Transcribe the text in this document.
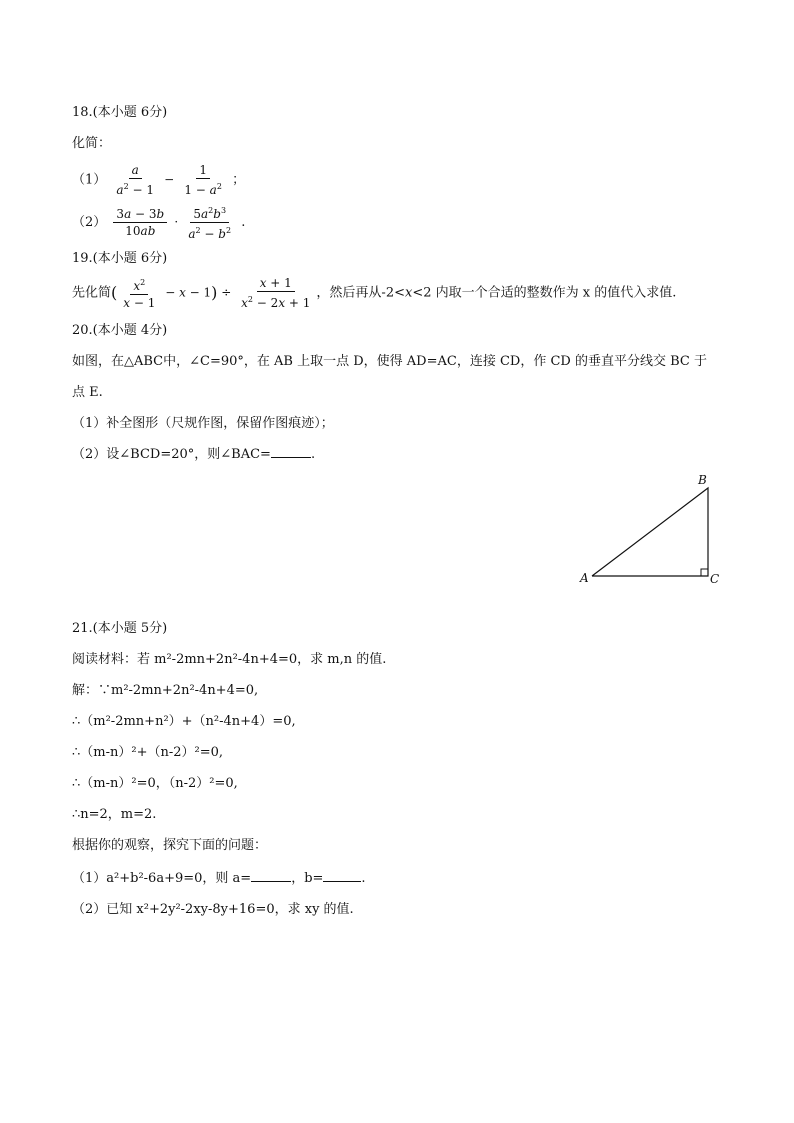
18.(本小题 6分)
化简：
$(1) \frac{a}{a^2 - 1} - \frac{1}{1 - a^2}$ ；
$(2) \frac{3a - 3b}{10ab} \cdot \frac{5a^2b^3}{a^2 - b^2}$ .
19.(本小题 6分)
先化简( $\frac{x^2}{x - 1} - x - 1) \div \frac{x + 1}{x^2 - 2x + 1}$ ，然后再从-2<x<2 内取一个合适的整数作为 x 的值代入求值.
20.(本小题 4分)
如图，在△ABC中，∠C=90°，在 AB 上取一点 D，使得 AD=AC，连接 CD，作 CD 的垂直平分线交 BC 于
点 E.
（1）补全图形（尺规作图，保留作图痕迹）；
（2）设∠BCD=20°，则∠BAC=	.
B
A	C
21.(本小题 5分)
阅读材料：若 m²-2mn+2n²-4n+4=0，求 m,n 的值.
解：∵m²-2mn+2n²-4n+4=0,
∴（m²-2mn+n²）+（n²-4n+4）=0,
∴（m-n）²+（n-2）²=0,
∴（m-n）²=0，（n-2）²=0,
∴n=2，m=2.
根据你的观察，探究下面的问题：
（1）a²+b²-6a+9=0，则 a=	，b=	.
（2）已知 x²+2y²-2xy-8y+16=0，求 xy 的值.
